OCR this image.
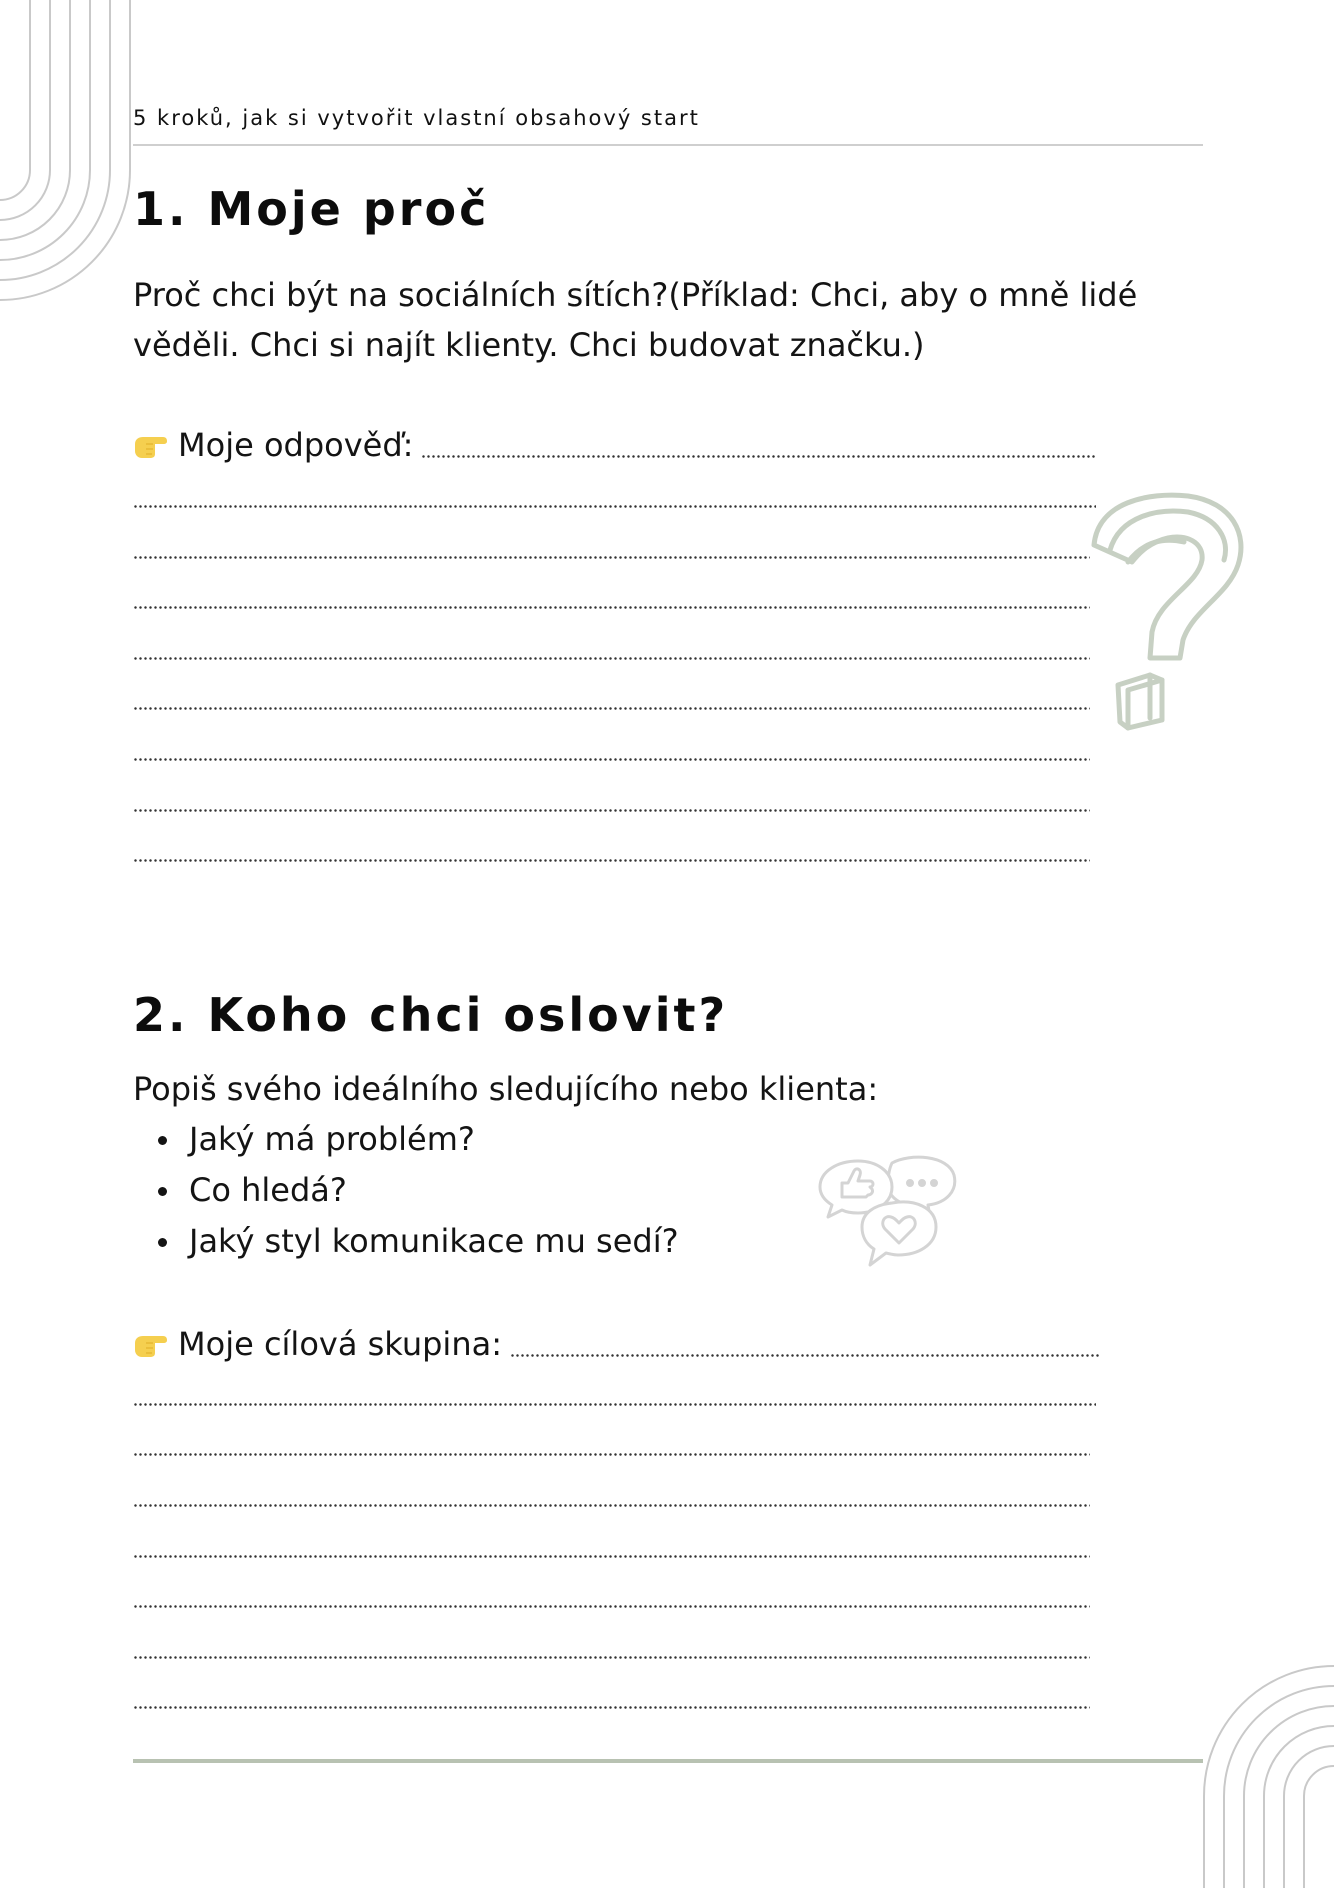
5 kroků, jak si vytvořit vlastní obsahový start
1. Moje proč

Proč chci být na sociálních sítích?(Příklad: Chci, aby o mně lidé věděli. Chci si najít klienty. Chci budovat značku.)

Moje odpověď:
2. Koho chci oslovit?

Popiš svého ideálního sledujícího nebo klienta:

Jaký má problém?
Co hledá?
Jaký styl komunikace mu sedí?
Moje cílová skupina:
